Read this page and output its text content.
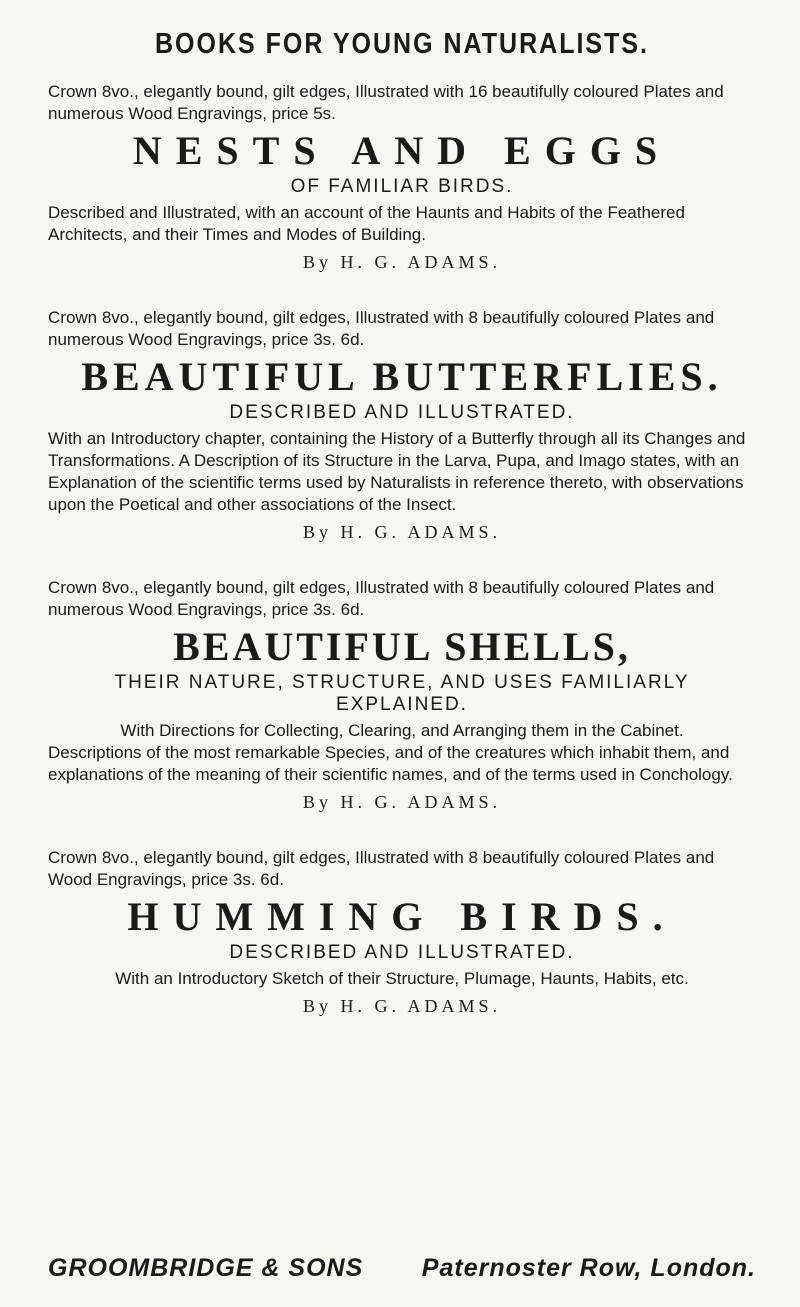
BOOKS FOR YOUNG NATURALISTS.
Crown 8vo., elegantly bound, gilt edges, Illustrated with 16 beautifully coloured Plates and numerous Wood Engravings, price 5s.
NESTS AND EGGS
OF FAMILIAR BIRDS.

Described and Illustrated, with an account of the Haunts and Habits of the Feathered Architects, and their Times and Modes of Building.

By H. G. ADAMS.
Crown 8vo., elegantly bound, gilt edges, Illustrated with 8 beautifully coloured Plates and numerous Wood Engravings, price 3s. 6d.
BEAUTIFUL BUTTERFLIES.
DESCRIBED AND ILLUSTRATED.

With an Introductory chapter, containing the History of a Butterfly through all its Changes and Transformations. A Description of its Structure in the Larva, Pupa, and Imago states, with an Explanation of the scientific terms used by Naturalists in reference thereto, with observations upon the Poetical and other associations of the Insect.

By H. G. ADAMS.
Crown 8vo., elegantly bound, gilt edges, Illustrated with 8 beautifully coloured Plates and numerous Wood Engravings, price 3s. 6d.
BEAUTIFUL SHELLS,
THEIR NATURE, STRUCTURE, AND USES FAMILIARLY EXPLAINED.

With Directions for Collecting, Clearing, and Arranging them in the Cabinet.

Descriptions of the most remarkable Species, and of the creatures which inhabit them, and explanations of the meaning of their scientific names, and of the terms used in Conchology.

By H. G. ADAMS.
Crown 8vo., elegantly bound, gilt edges, Illustrated with 8 beautifully coloured Plates and Wood Engravings, price 3s. 6d.
HUMMING BIRDS.
DESCRIBED AND ILLUSTRATED.

With an Introductory Sketch of their Structure, Plumage, Haunts, Habits, etc.

By H. G. ADAMS.
GROOMBRIDGE & SONS Paternoster Row, London.
